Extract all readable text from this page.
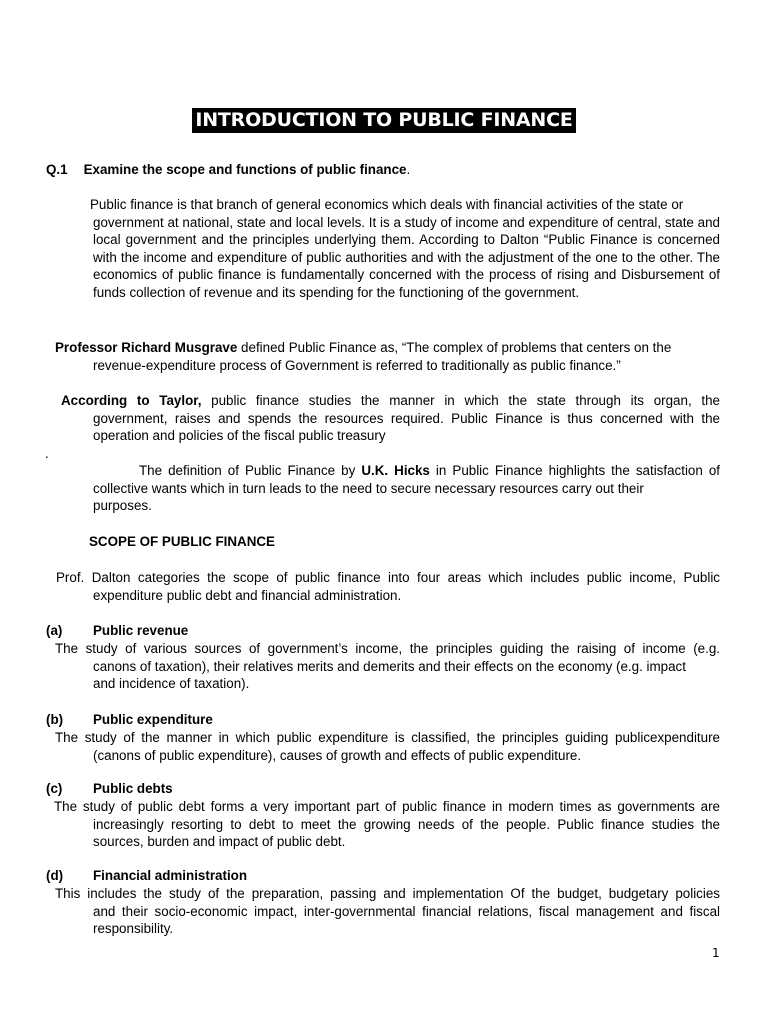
INTRODUCTION TO PUBLIC FINANCE
Q.1 Examine the scope and functions of public finance.
Public finance is that branch of general economics which deals with financial activities of the state or
government at national, state and local levels. It is a study of income and expenditure of central, state and local government and the principles underlying them. According to Dalton “Public Finance is concerned with the income and expenditure of public authorities and with the adjustment of the one to the other. The economics of public finance is fundamentally concerned with the process of rising and Disbursement of funds collection of revenue and its spending for the functioning of the government.
Professor Richard Musgrave defined Public Finance as, “The complex of problems that centers on the
revenue-expenditure process of Government is referred to traditionally as public finance.”
According to Taylor, public finance studies the manner in which the state through its organ, the
government, raises and spends the resources required. Public Finance is thus concerned with the operation and policies of the fiscal public treasury
.
The definition of Public Finance by U.K. Hicks in Public Finance highlights the satisfaction of
collective wants which in turn leads to the need to secure necessary resources carry out their purposes.
SCOPE OF PUBLIC FINANCE
Prof. Dalton categories the scope of public finance into four areas which includes public income, Public
expenditure public debt and financial administration.
(a) Public revenue
The study of various sources of government’s income, the principles guiding the raising of income (e.g.
canons of taxation), their relatives merits and demerits and their effects on the economy (e.g. impact and incidence of taxation).
(b) Public expenditure
The study of the manner in which public expenditure is classified, the principles guiding publicexpenditure
(canons of public expenditure), causes of growth and effects of public expenditure.
(c) Public debts
The study of public debt forms a very important part of public finance in modern times as governments are
increasingly resorting to debt to meet the growing needs of the people. Public finance studies the sources, burden and impact of public debt.
(d) Financial administration
This includes the study of the preparation, passing and implementation Of the budget, budgetary policies
and their socio-economic impact, inter-governmental financial relations, fiscal management and fiscal responsibility.
1
